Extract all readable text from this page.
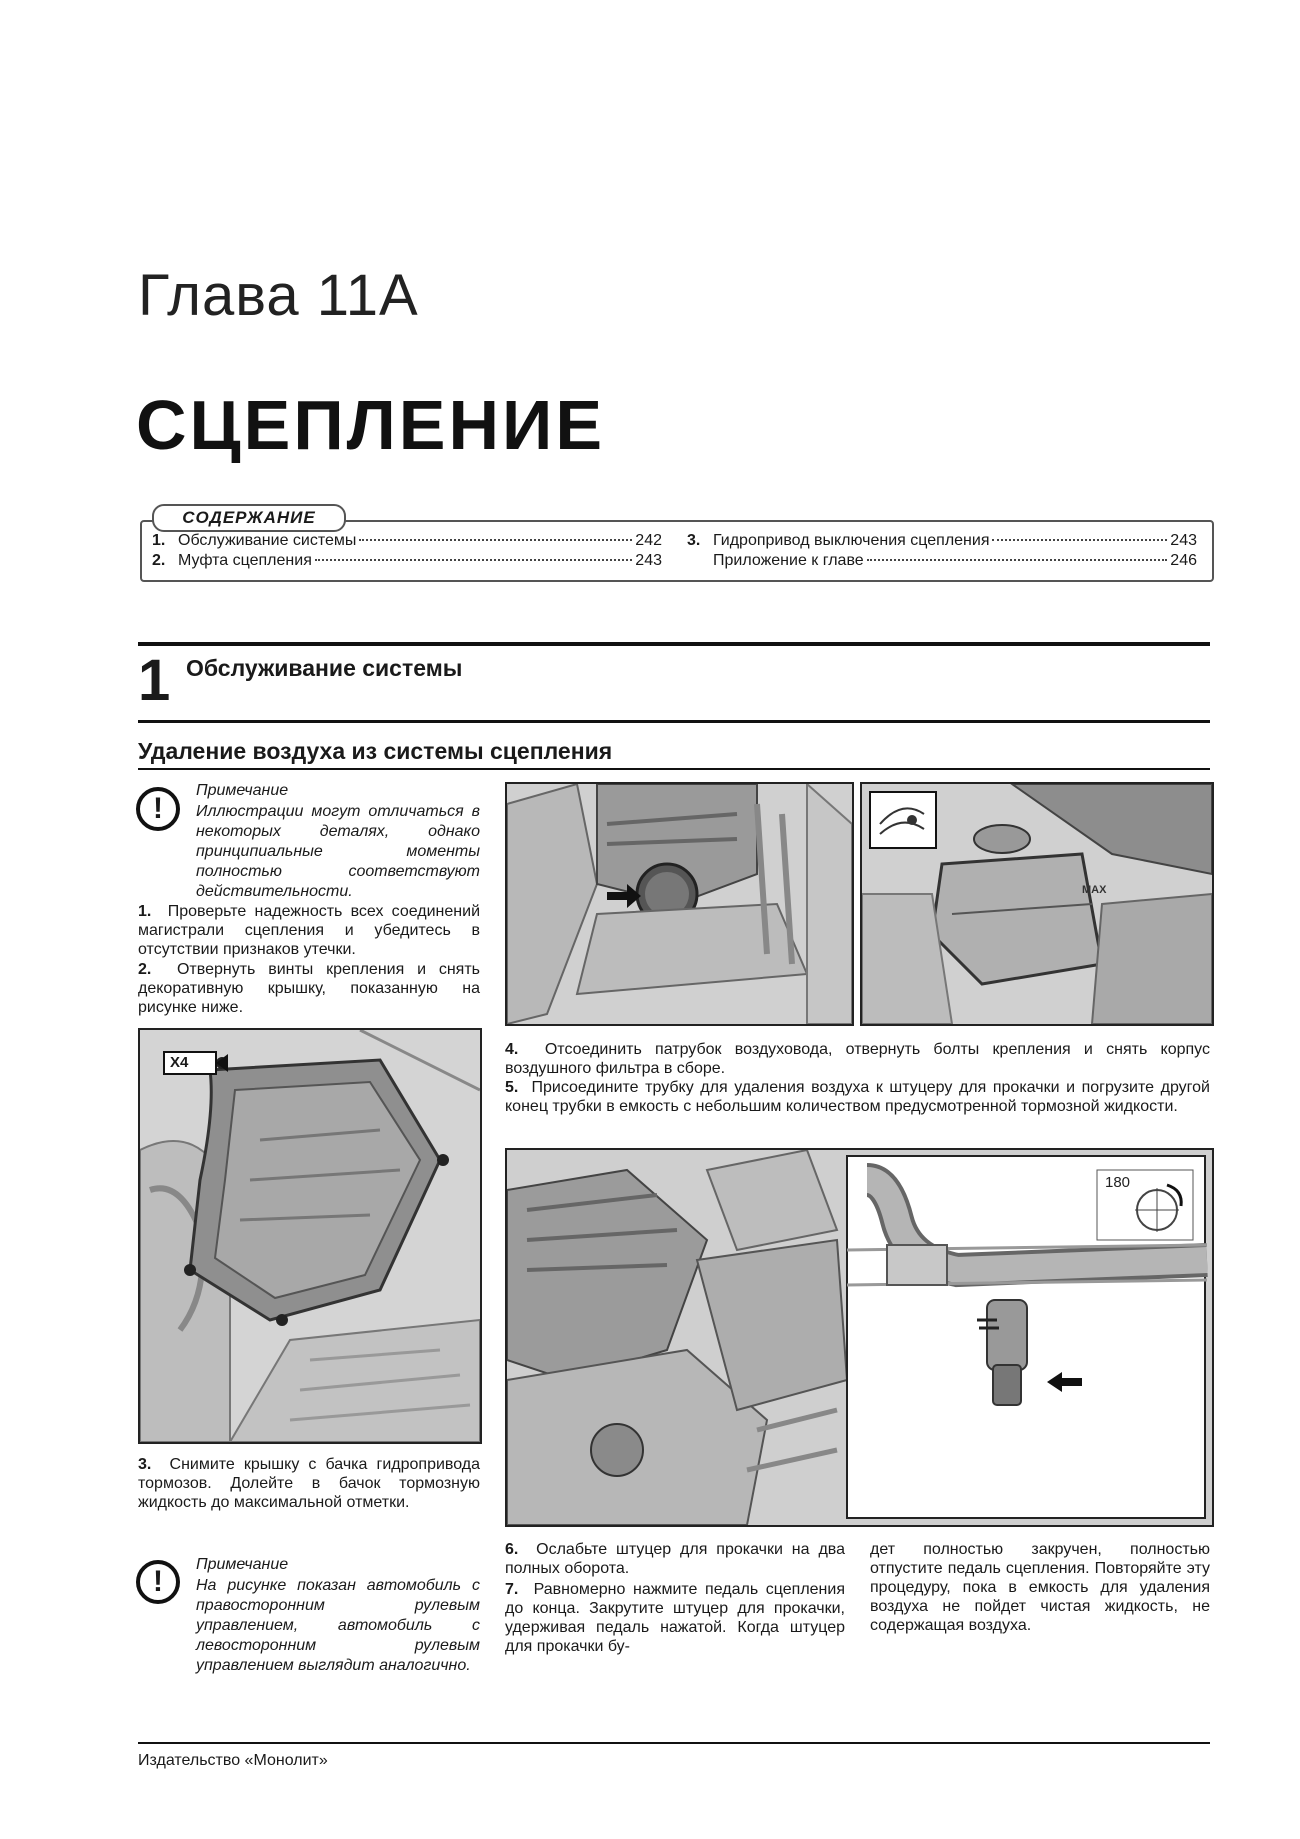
Глава 11А
СЦЕПЛЕНИЕ
1. Обслуживание системы	242
2. Муфта сцепления	243
3. Гидропривод выключения сцепления	243
Приложение к главе	246
СОДЕРЖАНИЕ
1 Обслуживание системы
Удаление воздуха из системы сцепления
!
Примечание
Иллюстрации могут отличаться в некоторых деталях, однако принципиальные моменты полностью соответствуют действительности.
1. Проверьте надежность всех соединений магистрали сцепления и убедитесь в отсутствии признаков утечки.
2. Отвернуть винты крепления и снять декоративную крышку, показанную на рисунке ниже.
X4
3. Снимите крышку с бачка гидропривода тормозов. Долейте в бачок тормозную жидкость до максимальной отметки.
!
Примечание
На рисунке показан автомобиль с правосторонним рулевым управлением, автомобиль с левосторонним рулевым управлением выглядит аналогично.
MAX
4. Отсоединить патрубок воздуховода, отвернуть болты крепления и снять корпус воздушного фильтра в сборе.
5. Присоедините трубку для удаления воздуха к штуцеру для прокачки и погрузите другой конец трубки в емкость с небольшим количеством предусмотренной тормозной жидкости.
180
6. Ослабьте штуцер для прокачки на два полных оборота.
7. Равномерно нажмите педаль сцепления до конца. Закрутите штуцер для прокачки, удерживая педаль нажатой. Когда штуцер для прокачки бу-
дет полностью закручен, полностью отпустите педаль сцепления. Повторяйте эту процедуру, пока в емкость для удаления воздуха не пойдет чистая жидкость, не содержащая воздуха.
Издательство «Монолит»
